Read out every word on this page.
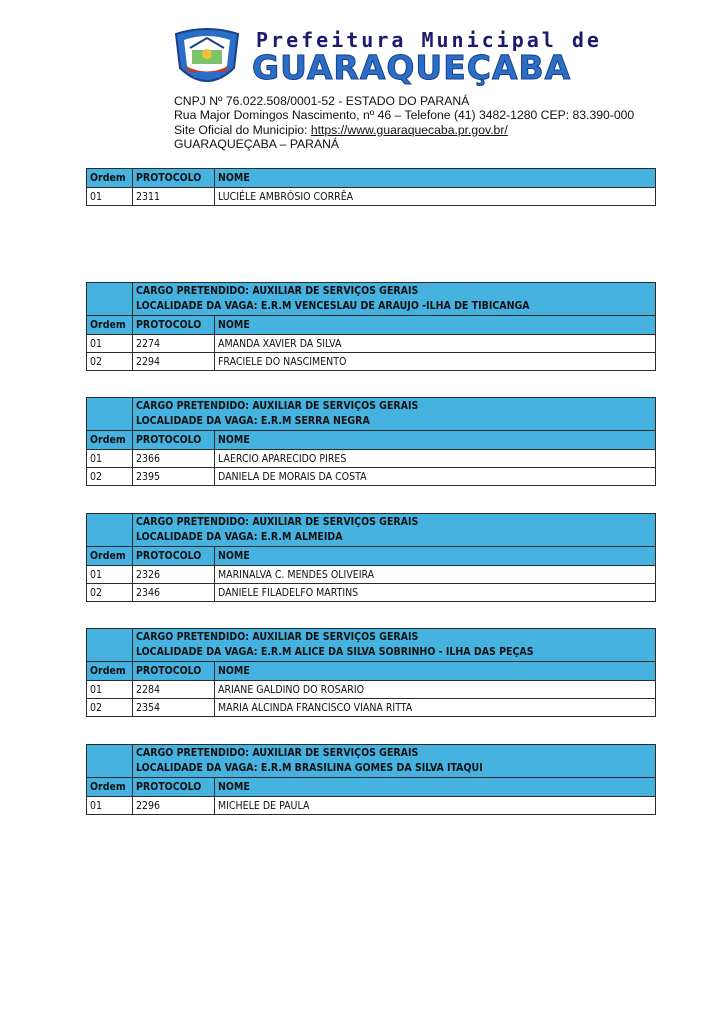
Prefeitura Municipal de
GUARAQUEÇABA
CNPJ Nº 76.022.508/0001-52 - ESTADO DO PARANÁ
Rua Major Domingos Nascimento, nº 46 – Telefone (41) 3482-1280 CEP: 83.390-000
Site Oficial do Municipio: https://www.guaraquecaba.pr.gov.br/
GUARAQUEÇABA – PARANÁ
Ordem	PROTOCOLO	NOME
01	2311	LUCIÉLE AMBRÓSIO CORRÊA

	CARGO PRETENDIDO: AUXILIAR DE SERVIÇOS GERAIS
LOCALIDADE DA VAGA: E.R.M VENCESLAU DE ARAUJO -ILHA DE TIBICANGA	

Ordem	PROTOCOLO	NOME
01	2274	AMANDA XAVIER DA SILVA
02	2294	FRACIELE DO NASCIMENTO

	CARGO PRETENDIDO: AUXILIAR DE SERVIÇOS GERAIS
LOCALIDADE DA VAGA: E.R.M SERRA NEGRA	

Ordem	PROTOCOLO	NOME
01	2366	LAERCIO APARECIDO PIRES
02	2395	DANIELA DE MORAIS DA COSTA

	CARGO PRETENDIDO: AUXILIAR DE SERVIÇOS GERAIS
LOCALIDADE DA VAGA: E.R.M ALMEIDA	

Ordem	PROTOCOLO	NOME
01	2326	MARINALVA C. MENDES OLIVEIRA
02	2346	DANIELE FILADELFO MARTINS

	CARGO PRETENDIDO: AUXILIAR DE SERVIÇOS GERAIS
LOCALIDADE DA VAGA: E.R.M ALICE DA SILVA SOBRINHO - ILHA DAS PEÇAS	

Ordem	PROTOCOLO	NOME
01	2284	ARIANE GALDINO DO ROSARIO
02	2354	MARIA ALCINDA FRANCISCO VIANA RITTA

	CARGO PRETENDIDO: AUXILIAR DE SERVIÇOS GERAIS
LOCALIDADE DA VAGA: E.R.M BRASILINA GOMES DA SILVA ITAQUI	

Ordem	PROTOCOLO	NOME
01	2296	MICHELE DE PAULA
